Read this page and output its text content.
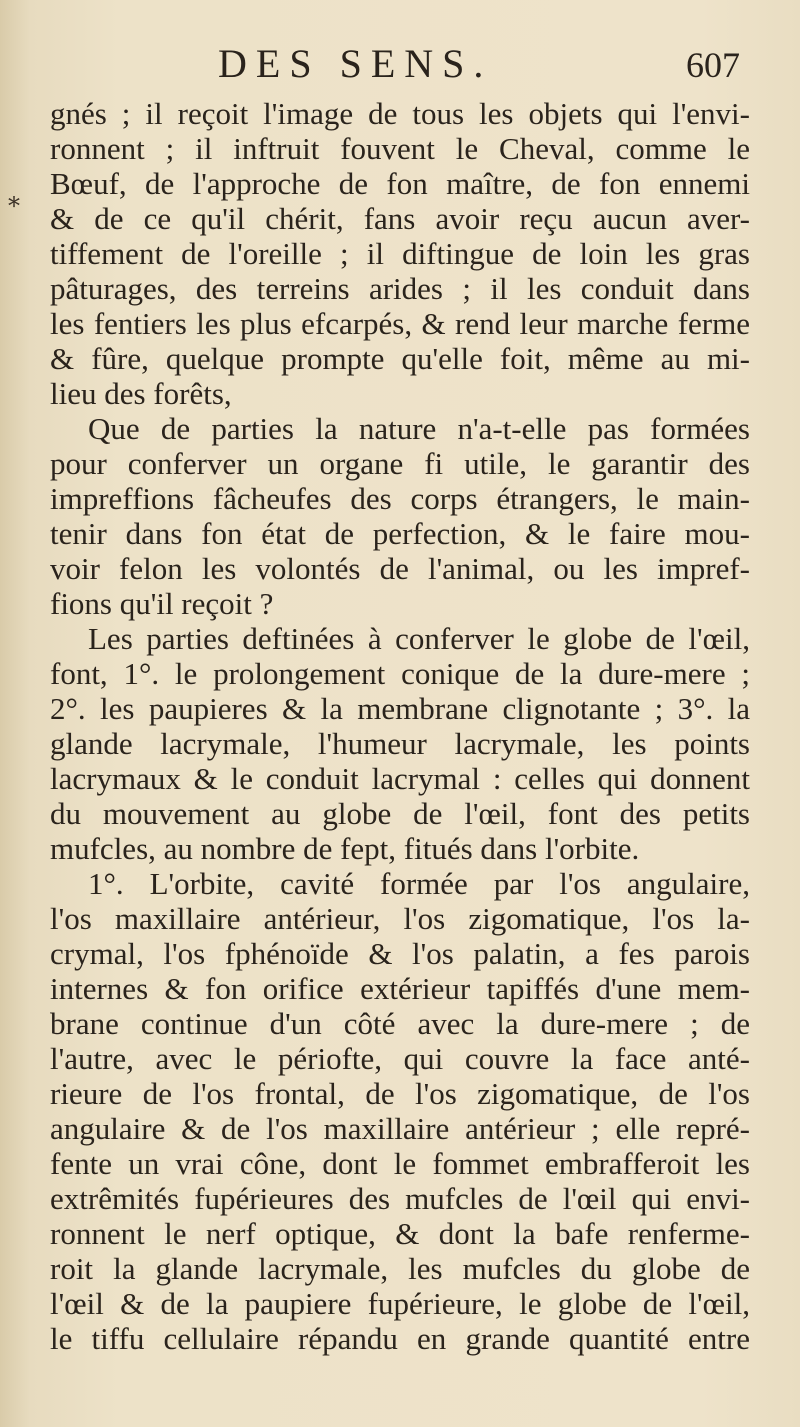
DES SENS.	607
*
gnés ; il reçoit l'image de tous les objets qui l'envi-
ronnent ; il inftruit fouvent le Cheval, comme le
Bœuf, de l'approche de fon maître, de fon ennemi
& de ce qu'il chérit, fans avoir reçu aucun aver-
tiffement de l'oreille ; il diftingue de loin les gras
pâturages, des terreins arides ; il les conduit dans
les fentiers les plus efcarpés, & rend leur marche ferme
& fûre, quelque prompte qu'elle foit, même au mi-
lieu des forêts,
Que de parties la nature n'a-t-elle pas formées
pour conferver un organe fi utile, le garantir des
impreffions fâcheufes des corps étrangers, le main-
tenir dans fon état de perfection, & le faire mou-
voir felon les volontés de l'animal, ou les impref-
fions qu'il reçoit ?
Les parties deftinées à conferver le globe de l'œil,
font, 1°. le prolongement conique de la dure-mere ;
2°. les paupieres & la membrane clignotante ; 3°. la
glande lacrymale, l'humeur lacrymale, les points
lacrymaux & le conduit lacrymal : celles qui donnent
du mouvement au globe de l'œil, font des petits
mufcles, au nombre de fept, fitués dans l'orbite.
1°. L'orbite, cavité formée par l'os angulaire,
l'os maxillaire antérieur, l'os zigomatique, l'os la-
crymal, l'os fphénoïde & l'os palatin, a fes parois
internes & fon orifice extérieur tapiffés d'une mem-
brane continue d'un côté avec la dure-mere ; de
l'autre, avec le périofte, qui couvre la face anté-
rieure de l'os frontal, de l'os zigomatique, de l'os
angulaire & de l'os maxillaire antérieur ; elle repré-
fente un vrai cône, dont le fommet embrafferoit les
extrêmités fupérieures des mufcles de l'œil qui envi-
ronnent le nerf optique, & dont la bafe renferme-
roit la glande lacrymale, les mufcles du globe de
l'œil & de la paupiere fupérieure, le globe de l'œil,
le tiffu cellulaire répandu en grande quantité entre
